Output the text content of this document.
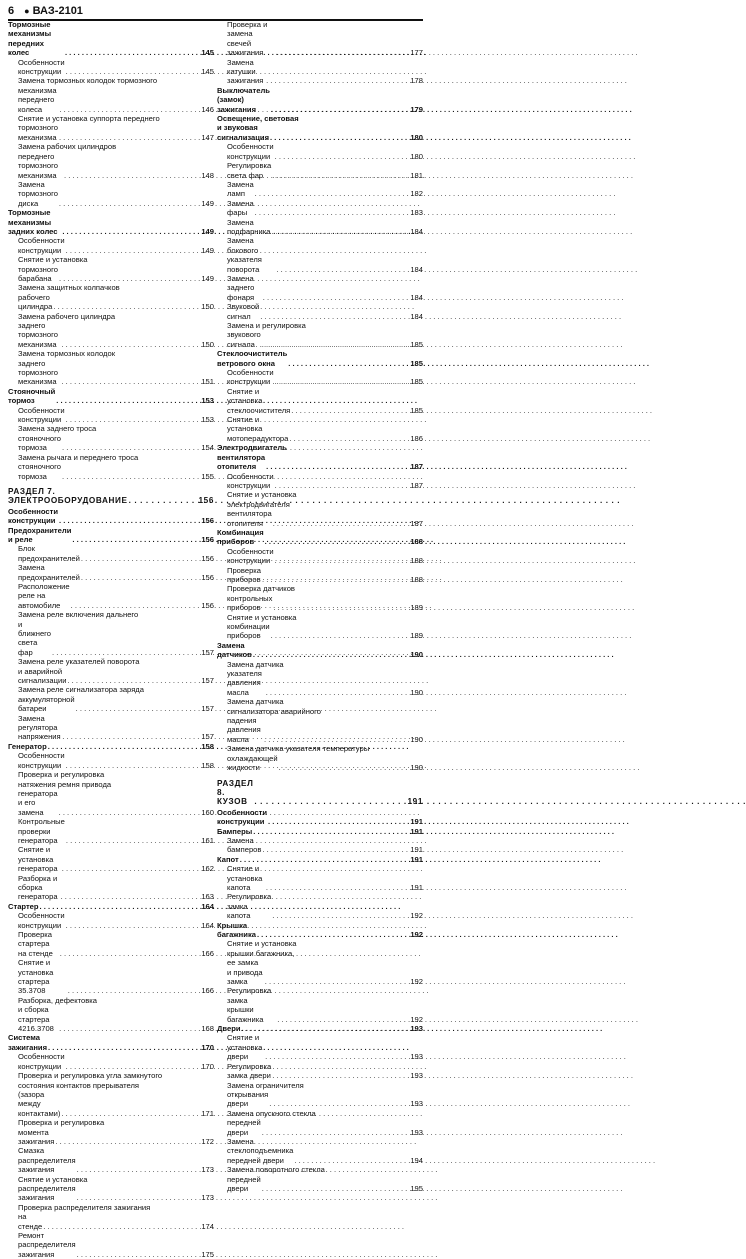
6 ● ВАЗ-2101
Тормозные механизмы передних колес . . .	145
Особенности конструкции . . .	145
Замена тормозных колодок тормозного
механизма переднего колеса . . .	146
Снятие и установка суппорта переднего
тормозного механизма . . .	147
Замена рабочих цилиндров
переднего тормозного механизма . . .	148
Замена тормозного диска . . .	149
Тормозные механизмы задних колес . . .	149
Особенности конструкции . . .	149
Снятие и установка
тормозного барабана . . .	149
Замена защитных колпачков
рабочего цилиндра . . .	150
Замена рабочего цилиндра
заднего тормозного механизма . . .	150
Замена тормозных колодок
заднего тормозного механизма . . .	151
Стояночный тормоз . . .	153
Особенности конструкции . . .	153
Замена заднего троса
стояночного тормоза . . .	154
Замена рычага и переднего троса
стояночного тормоза . . .	155
РАЗДЕЛ 7. ЭЛЕКТРООБОРУДОВАНИЕ . . .	156
Особенности конструкции . . .	156
Предохранители и реле . . .	156
Блок предохранителей . . .	156
Замена предохранителей . . .	156
Расположение реле на автомобиле . . .	156
Замена реле включения дальнего
и ближнего света фар . . .	157
Замена реле указателей поворота
и аварийной сигнализации . . .	157
Замена реле сигнализатора заряда
аккумуляторной батареи . . .	157
Замена регулятора напряжения . . .	157
Генератор . . .	158
Особенности конструкции . . .	158
Проверка и регулировка
натяжения ремня привода
генератора и его замена . . .	160
Контрольные проверки генератора . . .	161
Снятие и установка генератора . . .	162
Разборка и сборка генератора . . .	163
Стартер . . .	164
Особенности конструкции . . .	164
Проверка стартера на стенде . . .	166
Снятие и установка стартера 35.3708 . . .	166
Разборка, дефектовка
и сборка стартера 4216.3708 . . .	168
Система зажигания . . .	170
Особенности конструкции . . .	170
Проверка и регулировка угла замкнутого
состояния контактов прерывателя
(зазора между контактами) . . .	171
Проверка и регулировка
момента зажигания . . .	172
Смазка распределителя зажигания . . .	173
Снятие и установка
распределителя зажигания . . .	173
Проверка распределителя зажигания
на стенде . . .	174
Ремонт распределителя зажигания . . .	175
Проверка и замена свечей зажигания . . .	177
Замена катушки зажигания . . .	178
Выключатель (замок) зажигания . . .	179
Освещение, световая
и звуковая сигнализация . . .	180
Особенности конструкции . . .	180
Регулировка света фар . . .	181
Замена ламп . . .	182
Замена фары . . .	183
Замена подфарника . . .	184
Замена бокового указателя поворота . . .	184
Замена заднего фонаря . . .	184
Звуковой сигнал . . .	184
Замена и регулировка
звукового сигнала . . .	185
Стеклоочиститель ветрового окна . . .	185
Особенности конструкции . . .	185
Снятие и установка стеклоочистителя . . .	185
Снятие и установка мотоперадуктора . . .	186
Электродвигатель
вентилятора отопителя . . .	187
Особенности конструкции . . .	187
Снятие и установка
электродвигателя
вентилятора отопителя . . .	187
Комбинация приборов . . .	188
Особенности конструкции . . .	188
Проверка приборов . . .	188
Проверка датчиков
контрольных приборов . . .	189
Снятие и установка
комбинации приборов . . .	189
Замена датчиков . . .	190
Замена датчика
указателя давления масла . . .	190
Замена датчика
сигнализатора аварийного
падения давления масла . . .	190
Замена датчика указателя температуры
охлаждающей жидкости . . .	190
РАЗДЕЛ 8. КУЗОВ . . .	191
Особенности конструкции . . .	191
Бамперы . . .	191
Замена бамперов . . .	191
Капот . . .	191
Снятие и установка капота . . .	191
Регулировка замка капота . . .	192
Крышка багажника . . .	192
Снятие и установка
крышки багажника,
ее замка и привода замка . . .	192
Регулировка замка крышки багажника . . .	192
Двери . . .	193
Снятие и установка двери . . .	193
Регулировка замка двери . . .	193
Замена ограничителя
открывания двери . . .	193
Замена опускного стекла
передней двери . . .	193
Замена стеклоподъемника передней двери . . .	194
Замена поворотного стекла
передней двери . . .	195
